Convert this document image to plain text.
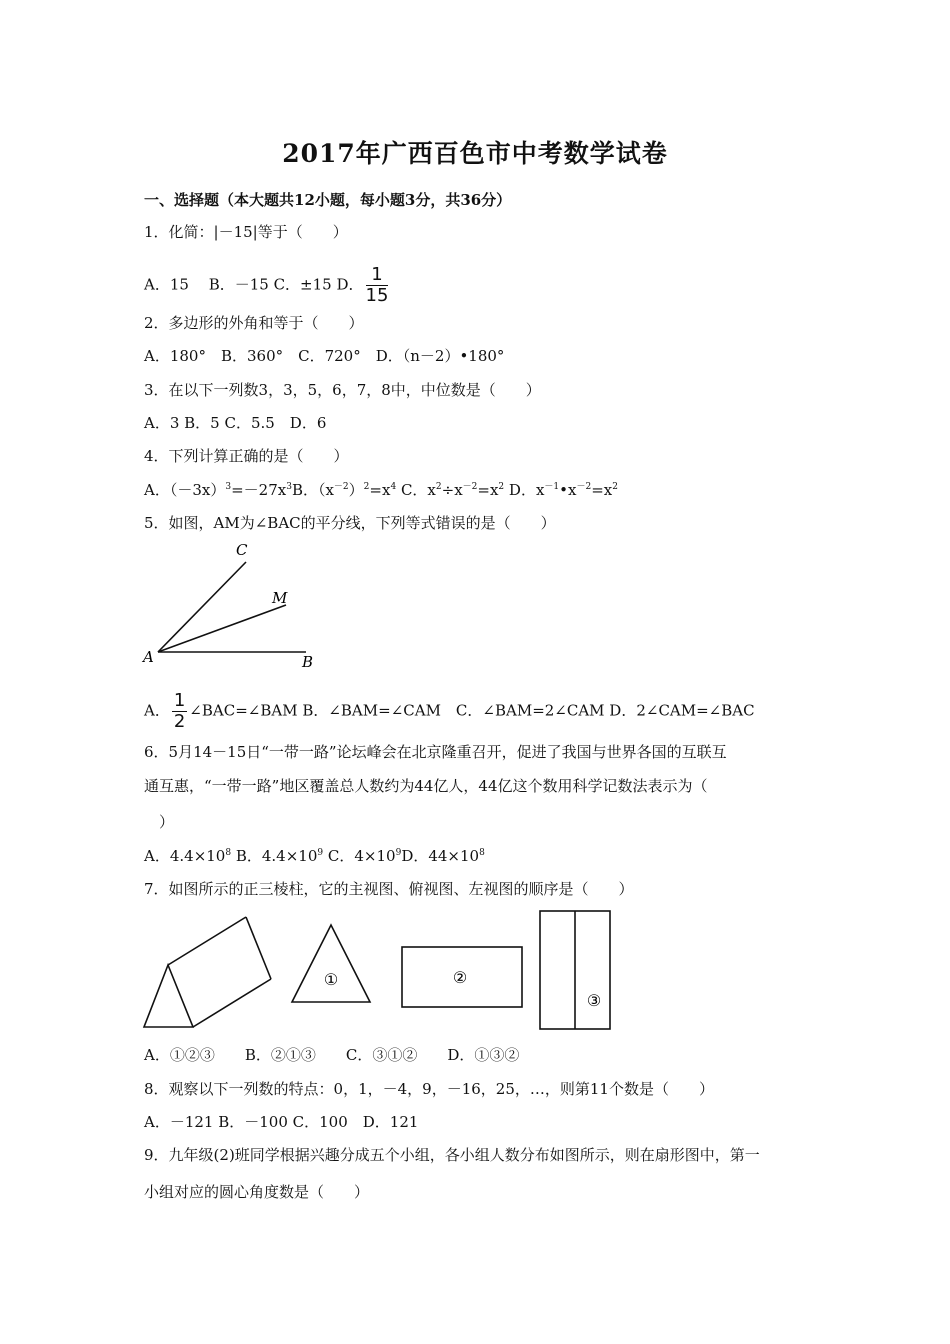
2017年广西百色市中考数学试卷
一、选择题（本大题共12小题，每小题3分，共36分）
1．化简：|－15|等于（　　）
A．15　 B．－15 C．±15 D． $\frac{1}{15}$
2．多边形的外角和等于（　　）
A．180°　B．360°　C．720°　D．（n－2）•180°
3．在以下一列数3，3，5，6，7，8中，中位数是（　　）
A．3 B．5 C．5.5　D．6
4．下列计算正确的是（　　）
A．$(-3x)^3=-27x^3B$．$(x^{-2})^2=x^4$ C．$x^2\div x^{-2}=x^2$ D．$x^{-1}•x^{-2}=x^2$
5．如图，AM为∠BAC的平分线，下列等式错误的是（　　）
C
M
A	B
A． $\frac{1}{2}$ ∠BAC=∠BAM B．∠BAM=∠CAM　C．∠BAM=2∠CAM D．2∠CAM=∠BAC
6．5月14－15日“一带一路”论坛峰会在北京隆重召开，促进了我国与世界各国的互联互
通互惠，“一带一路”地区覆盖总人数约为44亿人，44亿这个数用科学记数法表示为（
　）
A．$4.4\times 10^8$ B．$4.4\times 10^9$ C．$4\times 10^9D$．$44\times 10^8$
7．如图所示的正三棱柱，它的主视图、俯视图、左视图的顺序是（　　）
①	②
③
A．①②③　　B．②①③　　C．③①②　　D．①③②
8．观察以下一列数的特点：0，1，－4，9，－16，25，…，则第11个数是（　　）
A．－121 B．－100 C．100　D．121
9．九年级(2)班同学根据兴趣分成五个小组，各小组人数分布如图所示，则在扇形图中，第一
小组对应的圆心角度数是（　　）
